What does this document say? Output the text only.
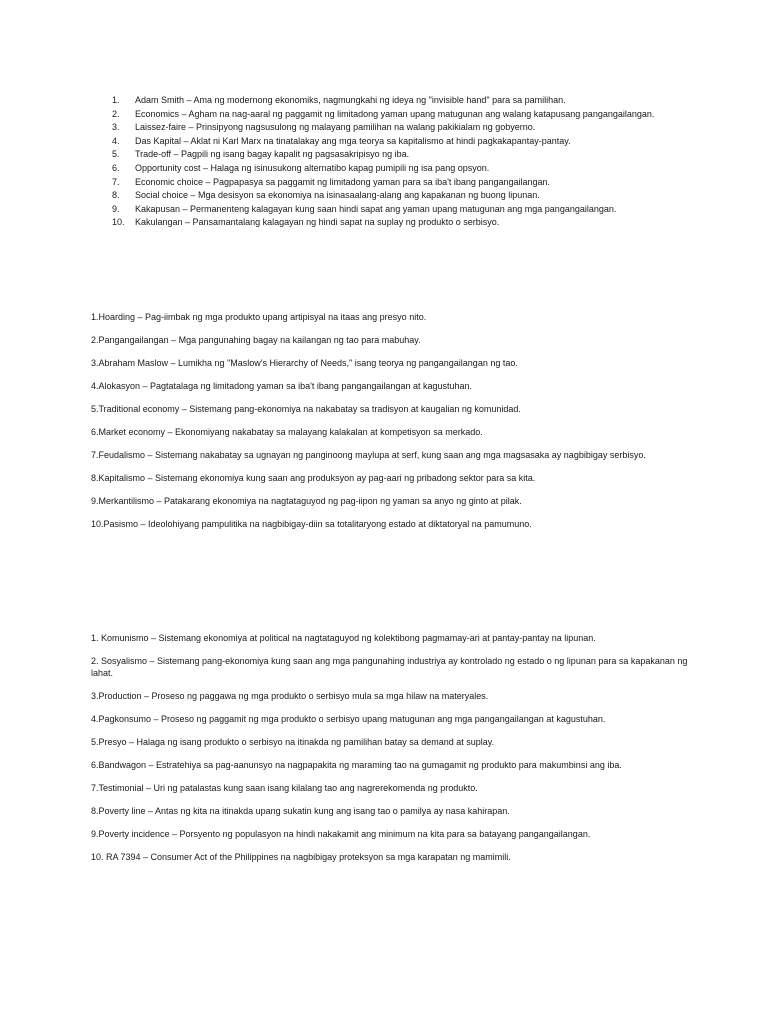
1.	Adam Smith – Ama ng modernong ekonomiks, nagmungkahi ng ideya ng "invisible hand" para sa pamilihan.
2.	Economics – Agham na nag-aaral ng paggamit ng limitadong yaman upang matugunan ang walang katapusang pangangailangan.
3.	Laissez-faire – Prinsipyong nagsusulong ng malayang pamilihan na walang pakikialam ng gobyerno.
4.	Das Kapital – Aklat ni Karl Marx na tinatalakay ang mga teorya sa kapitalismo at hindi pagkakapantay-pantay.
5.	Trade-off – Pagpili ng isang bagay kapalit ng pagsasakripisyo ng iba.
6.	Opportunity cost – Halaga ng isinusukong alternatibo kapag pumipili ng isa pang opsyon.
7.	Economic choice – Pagpapasya sa paggamit ng limitadong yaman para sa iba't ibang pangangailangan.
8.	Social choice – Mga desisyon sa ekonomiya na isinasaalang-alang ang kapakanan ng buong lipunan.
9.	Kakapusan – Permanenteng kalagayan kung saan hindi sapat ang yaman upang matugunan ang mga pangangailangan.
10.	Kakulangan – Pansamantalang kalagayan ng hindi sapat na suplay ng produkto o serbisyo.

1.Hoarding – Pag-iimbak ng mga produkto upang artipisyal na itaas ang presyo nito.

2.Pangangailangan – Mga pangunahing bagay na kailangan ng tao para mabuhay.

3.Abraham Maslow – Lumikha ng "Maslow's Hierarchy of Needs," isang teorya ng pangangailangan ng tao.

4.Alokasyon – Pagtatalaga ng limitadong yaman sa iba't ibang pangangailangan at kagustuhan.

5.Traditional economy – Sistemang pang-ekonomiya na nakabatay sa tradisyon at kaugalian ng komunidad.

6.Market economy – Ekonomiyang nakabatay sa malayang kalakalan at kompetisyon sa merkado.

7.Feudalismo – Sistemang nakabatay sa ugnayan ng panginoong maylupa at serf, kung saan ang mga magsasaka ay nagbibigay serbisyo.

8.Kapitalismo – Sistemang ekonomiya kung saan ang produksyon ay pag-aari ng pribadong sektor para sa kita.

9.Merkantilismo – Patakarang ekonomiya na nagtataguyod ng pag-iipon ng yaman sa anyo ng ginto at pilak.

10.Pasismo – Ideolohiyang pampulitika na nagbibigay-diin sa totalitaryong estado at diktatoryal na pamumuno.

1. Komunismo – Sistemang ekonomiya at political na nagtataguyod ng kolektibong pagmamay-ari at pantay-pantay na lipunan.

2. Sosyalismo – Sistemang pang-ekonomiya kung saan ang mga pangunahing industriya ay kontrolado ng estado o ng lipunan para sa kapakanan ng lahat.

3.Production – Proseso ng paggawa ng mga produkto o serbisyo mula sa mga hilaw na materyales.

4.Pagkonsumo – Proseso ng paggamit ng mga produkto o serbisyo upang matugunan ang mga pangangailangan at kagustuhan.

5.Presyo – Halaga ng isang produkto o serbisyo na itinakda ng pamilihan batay sa demand at suplay.

6.Bandwagon – Estratehiya sa pag-aanunsyo na nagpapakita ng maraming tao na gumagamit ng produkto para makumbinsi ang iba.

7.Testimonial – Uri ng patalastas kung saan isang kilalang tao ang nagrerekomenda ng produkto.

8.Poverty line – Antas ng kita na itinakda upang sukatin kung ang isang tao o pamilya ay nasa kahirapan.

9.Poverty incidence – Porsyento ng populasyon na hindi nakakamit ang minimum na kita para sa batayang pangangailangan.

10. RA 7394 – Consumer Act of the Philippines na nagbibigay proteksyon sa mga karapatan ng mamimili.
